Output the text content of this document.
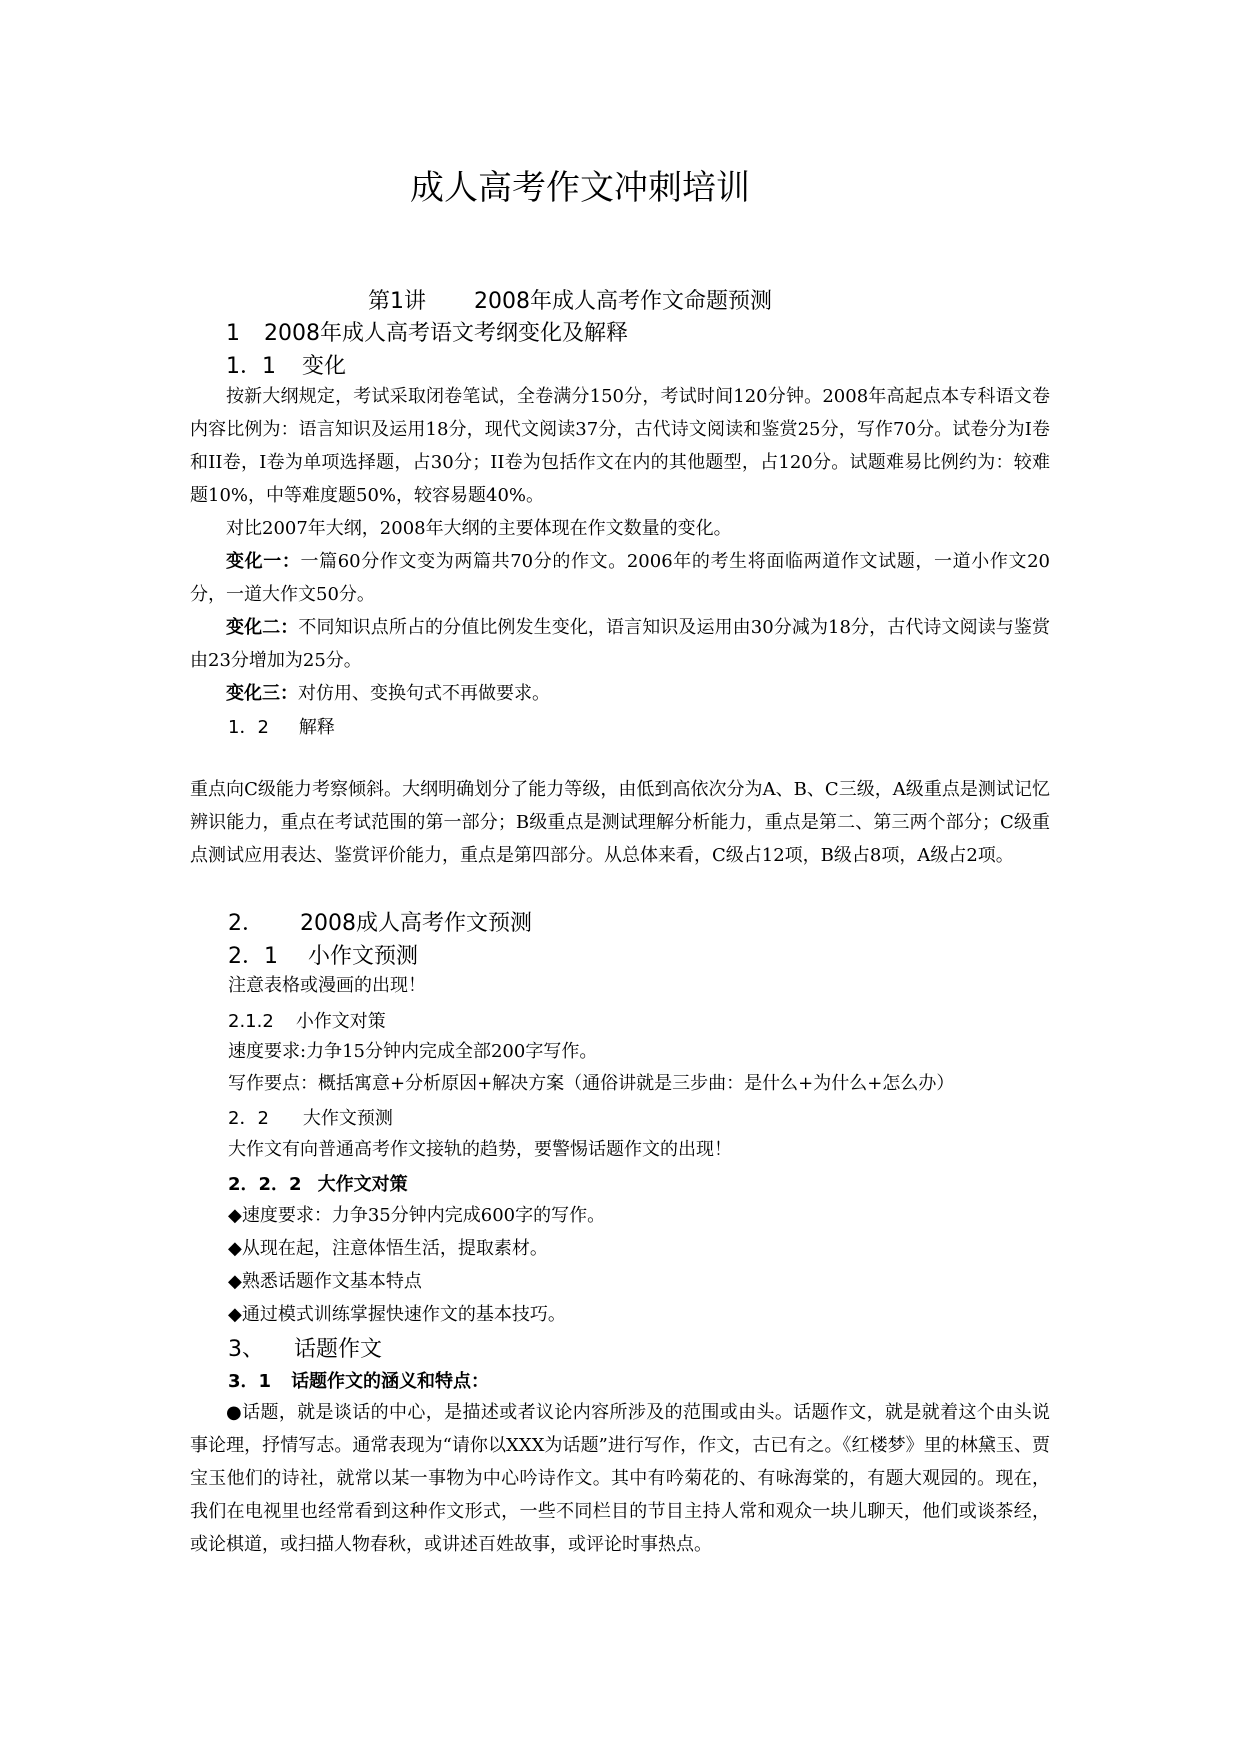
成人高考作文冲刺培训
第1讲 2008年成人高考作文命题预测
1 2008年成人高考语文考纲变化及解释
1．1 变化
按新大纲规定，考试采取闭卷笔试，全卷满分150分，考试时间120分钟。2008年高起点本专科语文卷内容比例为：语言知识及运用18分，现代文阅读37分，古代诗文阅读和鉴赏25分，写作70分。试卷分为I卷和II卷，I卷为单项选择题，占30分；II卷为包括作文在内的其他题型，占120分。试题难易比例约为：较难题10%，中等难度题50%，较容易题40%。
对比2007年大纲，2008年大纲的主要体现在作文数量的变化。
变化一：一篇60分作文变为两篇共70分的作文。2006年的考生将面临两道作文试题，一道小作文20分，一道大作文50分。
变化二：不同知识点所占的分值比例发生变化，语言知识及运用由30分减为18分，古代诗文阅读与鉴赏由23分增加为25分。
变化三：对仿用、变换句式不再做要求。
1．2 解释
重点向C级能力考察倾斜。大纲明确划分了能力等级，由低到高依次分为A、B、C三级，A级重点是测试记忆辨识能力，重点在考试范围的第一部分；B级重点是测试理解分析能力，重点是第二、第三两个部分；C级重点测试应用表达、鉴赏评价能力，重点是第四部分。从总体来看，C级占12项，B级占8项，A级占2项。
2． 2008成人高考作文预测
2．1 小作文预测
注意表格或漫画的出现！
2.1.2 小作文对策
速度要求:力争15分钟内完成全部200字写作。
写作要点：概括寓意+分析原因+解决方案（通俗讲就是三步曲：是什么+为什么+怎么办）
2．2 大作文预测
大作文有向普通高考作文接轨的趋势，要警惕话题作文的出现！
2．2．2 大作文对策
◆速度要求：力争35分钟内完成600字的写作。
◆从现在起，注意体悟生活，提取素材。
◆熟悉话题作文基本特点
◆通过模式训练掌握快速作文的基本技巧。
3、 话题作文
3．1 话题作文的涵义和特点：
●话题，就是谈话的中心，是描述或者议论内容所涉及的范围或由头。话题作文，就是就着这个由头说事论理，抒情写志。通常表现为“请你以XXX为话题”进行写作，作文，古已有之。《红楼梦》里的林黛玉、贾宝玉他们的诗社，就常以某一事物为中心吟诗作文。其中有吟菊花的、有咏海棠的，有题大观园的。现在，我们在电视里也经常看到这种作文形式，一些不同栏目的节目主持人常和观众一块儿聊天，他们或谈茶经，或论棋道，或扫描人物春秋，或讲述百姓故事，或评论时事热点。
